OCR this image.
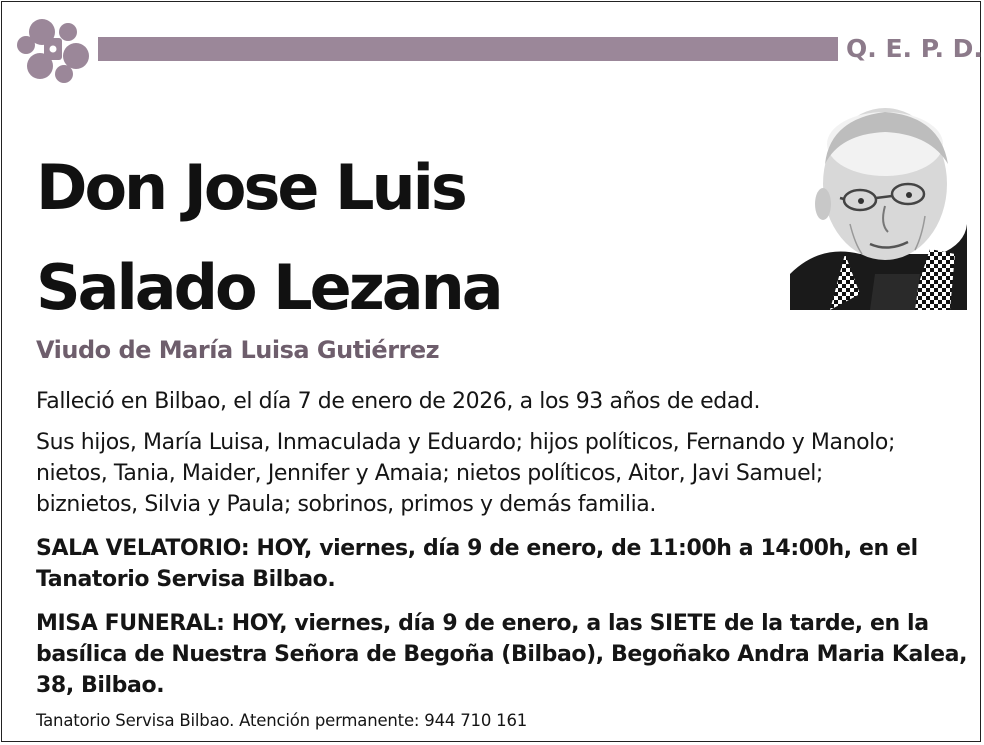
Q. E. P. D.
Don Jose Luis
Salado Lezana
Viudo de María Luisa Gutiérrez
Falleció en Bilbao, el día 7 de enero de 2026, a los 93 años de edad.
Sus hijos, María Luisa, Inmaculada y Eduardo; hijos políticos, Fernando y Manolo;
nietos, Tania, Maider, Jennifer y Amaia; nietos políticos, Aitor, Javi Samuel;
biznietos, Silvia y Paula; sobrinos, primos y demás familia.
SALA VELATORIO: HOY, viernes, día 9 de enero, de 11:00h a 14:00h, en el
Tanatorio Servisa Bilbao.
MISA FUNERAL: HOY, viernes, día 9 de enero, a las SIETE de la tarde, en la
basílica de Nuestra Señora de Begoña (Bilbao), Begoñako Andra Maria Kalea,
38, Bilbao.
Tanatorio Servisa Bilbao. Atención permanente: 944 710 161
